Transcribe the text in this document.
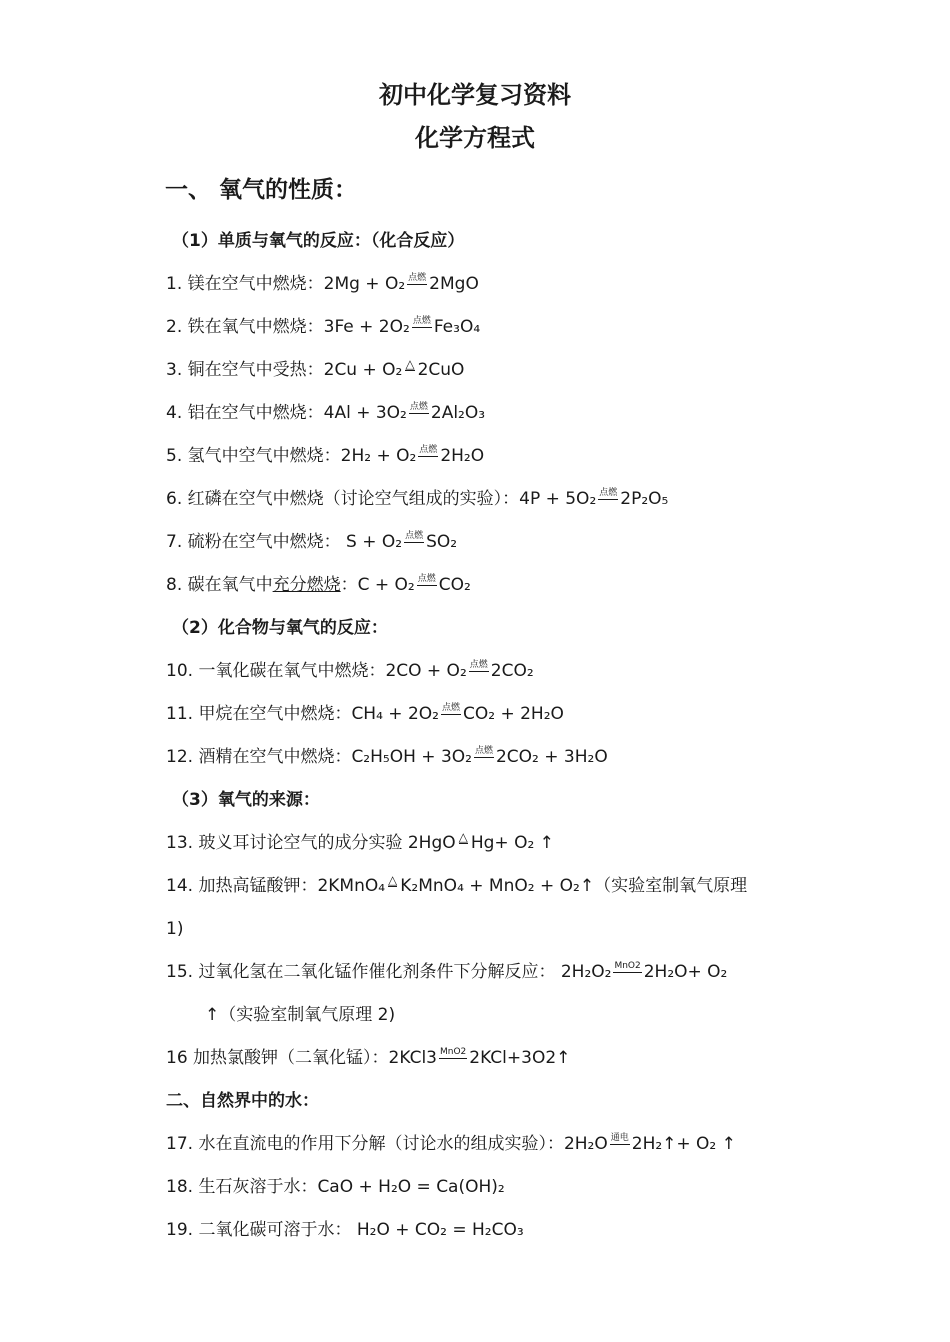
初中化学复习资料
化学方程式
一、 氧气的性质：
（1）单质与氧气的反应：（化合反应）
1. 镁在空气中燃烧：2Mg + O₂ 点燃 2MgO
2. 铁在氧气中燃烧：3Fe + 2O₂ 点燃 Fe₃O₄
3. 铜在空气中受热：2Cu + O₂ △ 2CuO
4. 铝在空气中燃烧：4Al + 3O₂ 点燃 2Al₂O₃
5. 氢气中空气中燃烧：2H₂ + O₂ 点燃 2H₂O
6. 红磷在空气中燃烧（讨论空气组成的实验）：4P + 5O₂ 点燃 2P₂O₅
7. 硫粉在空气中燃烧： S + O₂ 点燃 SO₂
8. 碳在氧气中充分燃烧：C + O₂ 点燃 CO₂
（2）化合物与氧气的反应：
10. 一氧化碳在氧气中燃烧：2CO + O₂ 点燃 2CO₂
11. 甲烷在空气中燃烧：CH₄ + 2O₂ 点燃 CO₂ + 2H₂O
12. 酒精在空气中燃烧：C₂H₅OH + 3O₂ 点燃 2CO₂ + 3H₂O
（3）氧气的来源：
13. 玻义耳讨论空气的成分实验 2HgO △ Hg+ O₂ ↑
14. 加热高锰酸钾：2KMnO₄ △ K₂MnO₄ + MnO₂ + O₂↑（实验室制氧气原理
1)
15. 过氧化氢在二氧化锰作催化剂条件下分解反应： 2H₂O₂ MnO2 2H₂O+ O₂
↑（实验室制氧气原理 2)
16 加热氯酸钾（二氧化锰）：2KCl3 MnO2 2KCl+3O2↑
二、自然界中的水：
17. 水在直流电的作用下分解（讨论水的组成实验）：2H₂O 通电 2H₂↑+ O₂ ↑
18. 生石灰溶于水：CaO + H₂O = Ca(OH)₂
19. 二氧化碳可溶于水： H₂O + CO₂ = H₂CO₃
